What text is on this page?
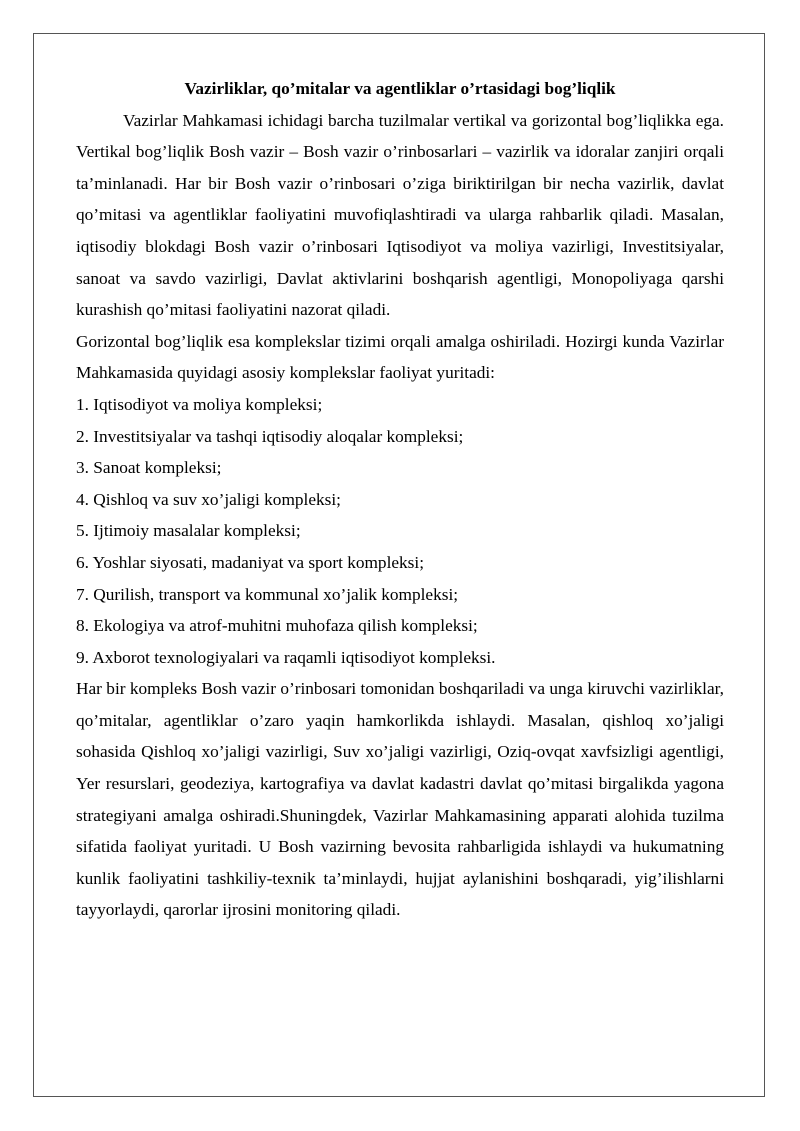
Vazirliklar, qo’mitalar va agentliklar o’rtasidagi bog’liqlik

Vazirlar Mahkamasi ichidagi barcha tuzilmalar vertikal va gorizontal bog’liqlikka ega. Vertikal bog’liqlik Bosh vazir – Bosh vazir o’rinbosarlari – vazirlik va idoralar zanjiri orqali ta’minlanadi. Har bir Bosh vazir o’rinbosari o’ziga biriktirilgan bir necha vazirlik, davlat qo’mitasi va agentliklar faoliyatini muvofiqlashtiradi va ularga rahbarlik qiladi. Masalan, iqtisodiy blokdagi Bosh vazir o’rinbosari Iqtisodiyot va moliya vazirligi, Investitsiyalar, sanoat va savdo vazirligi, Davlat aktivlarini boshqarish agentligi, Monopoliyaga qarshi kurashish qo’mitasi faoliyatini nazorat qiladi.

Gorizontal bog’liqlik esa komplekslar tizimi orqali amalga oshiriladi. Hozirgi kunda Vazirlar Mahkamasida quyidagi asosiy komplekslar faoliyat yuritadi:

1. Iqtisodiyot va moliya kompleksi;
2. Investitsiyalar va tashqi iqtisodiy aloqalar kompleksi;
3. Sanoat kompleksi;
4. Qishloq va suv xo’jaligi kompleksi;
5. Ijtimoiy masalalar kompleksi;
6. Yoshlar siyosati, madaniyat va sport kompleksi;
7. Qurilish, transport va kommunal xo’jalik kompleksi;
8. Ekologiya va atrof-muhitni muhofaza qilish kompleksi;
9. Axborot texnologiyalari va raqamli iqtisodiyot kompleksi.

Har bir kompleks Bosh vazir o’rinbosari tomonidan boshqariladi va unga kiruvchi vazirliklar, qo’mitalar, agentliklar o’zaro yaqin hamkorlikda ishlaydi. Masalan, qishloq xo’jaligi sohasida Qishloq xo’jaligi vazirligi, Suv xo’jaligi vazirligi, Oziq-ovqat xavfsizligi agentligi, Yer resurslari, geodeziya, kartografiya va davlat kadastri davlat qo’mitasi birgalikda yagona strategiyani amalga oshiradi.Shuningdek, Vazirlar Mahkamasining apparati alohida tuzilma sifatida faoliyat yuritadi. U Bosh vazirning bevosita rahbarligida ishlaydi va hukumatning kunlik faoliyatini tashkiliy-texnik ta’minlaydi, hujjat aylanishini boshqaradi, yig’ilishlarni tayyorlaydi, qarorlar ijrosini monitoring qiladi.
